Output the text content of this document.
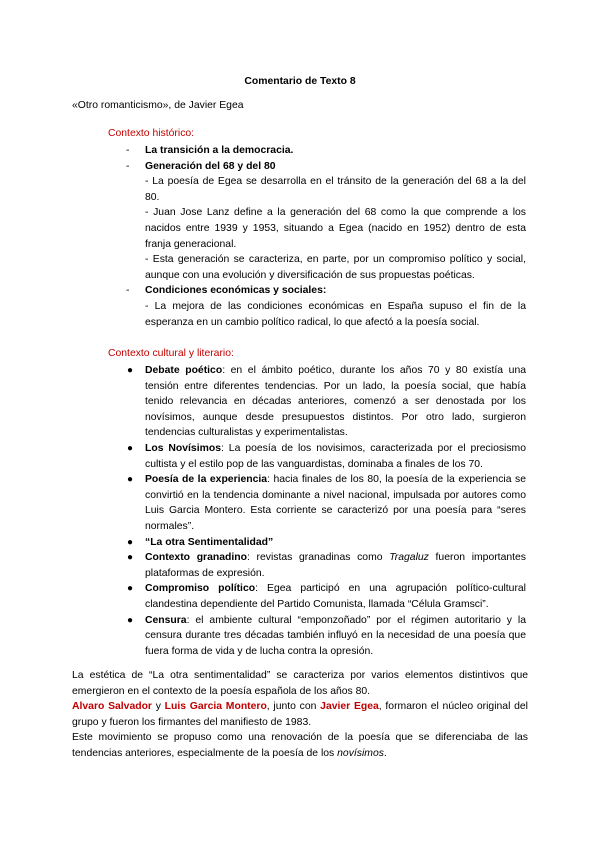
Comentario de Texto 8
«Otro romanticismo», de Javier Egea
Contexto histórico:
- La transición a la democracia.
- Generación del 68 y del 80
- La poesía de Egea se desarrolla en el tránsito de la generación del 68 a la del 80.
- Juan Jose Lanz define a la generación del 68 como la que comprende a los nacidos entre 1939 y 1953, situando a Egea (nacido en 1952) dentro de esta franja generacional.
- Esta generación se caracteriza, en parte, por un compromiso político y social, aunque con una evolución y diversificación de sus propuestas poéticas.
- Condiciones económicas y sociales:
- La mejora de las condiciones económicas en España supuso el fin de la esperanza en un cambio político radical, lo que afectó a la poesía social.
Contexto cultural y literario:
● Debate poético: en el ámbito poético, durante los años 70 y 80 existía una tensión entre diferentes tendencias. Por un lado, la poesía social, que había tenido relevancia en décadas anteriores, comenzó a ser denostada por los novísimos, aunque desde presupuestos distintos. Por otro lado, surgieron tendencias culturalistas y experimentalistas.
● Los Novísimos: La poesía de los novisimos, caracterizada por el preciosismo cultista y el estilo pop de las vanguardistas, dominaba a finales de los 70.
● Poesía de la experiencia: hacia finales de los 80, la poesía de la experiencia se convirtió en la tendencia dominante a nivel nacional, impulsada por autores como Luis Garcia Montero. Esta corriente se caracterizó por una poesía para “seres normales”.
● “La otra Sentimentalidad”
● Contexto granadino: revistas granadinas como Tragaluz fueron importantes plataformas de expresión.
● Compromiso político: Egea participó en una agrupación político-cultural clandestina dependiente del Partido Comunista, llamada “Célula Gramsci”.
● Censura: el ambiente cultural “emponzoñado” por el régimen autoritario y la censura durante tres décadas también influyó en la necesidad de una poesía que fuera forma de vida y de lucha contra la opresión.

La estética de “La otra sentimentalidad” se caracteriza por varios elementos distintivos que emergieron en el contexto de la poesía española de los años 80.

Alvaro Salvador y Luis Garcia Montero, junto con Javier Egea, formaron el núcleo original del grupo y fueron los firmantes del manifiesto de 1983.

Este movimiento se propuso como una renovación de la poesía que se diferenciaba de las tendencias anteriores, especialmente de la poesía de los novísimos.
